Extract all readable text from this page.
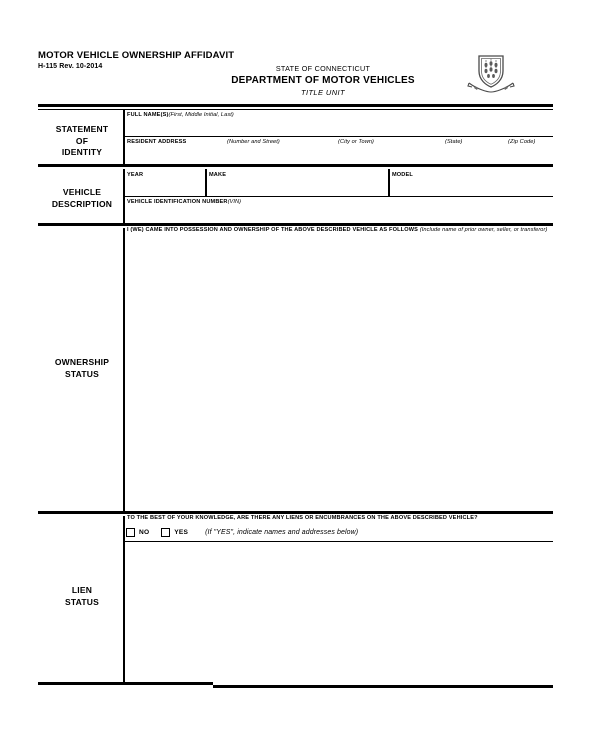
MOTOR VEHICLE OWNERSHIP AFFIDAVIT
H-115 Rev. 10-2014	STATE OF CONNECTICUT
DEPARTMENT OF MOTOR VEHICLES
TITLE UNIT
STATEMENT
OF
IDENTITY
FULL NAME(S)(First, Middle Initial, Last)
RESIDENT ADDRESS	(Number and Street)	(City or Town)	(State)	(Zip Code)
VEHICLE
DESCRIPTION
YEAR	MAKE	MODEL
VEHICLE IDENTIFICATION NUMBER(VIN)
OWNERSHIP
STATUS
I (WE) CAME INTO POSSESSION AND OWNERSHIP OF THE ABOVE DESCRIBED VEHICLE AS FOLLOWS (Include name of prior owner, seller, or transferor)
LIEN
STATUS
TO THE BEST OF YOUR KNOWLEDGE, ARE THERE ANY LIENS OR ENCUMBRANCES ON THE ABOVE DESCRIBED VEHICLE?
NO	YES (If "YES", indicate names and addresses below)
